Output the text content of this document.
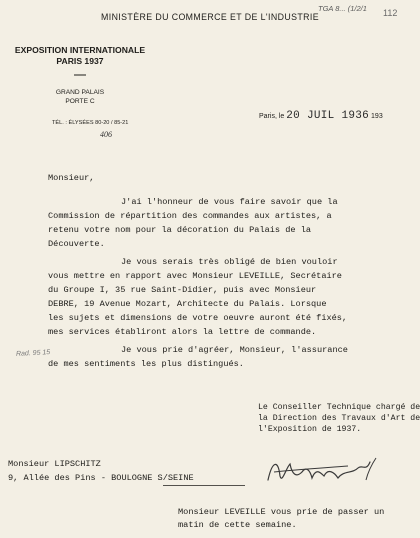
TGA 8... (1/2/1 112
MINISTÈRE DU COMMERCE ET DE L'INDUSTRIE
EXPOSITION INTERNATIONALE
PARIS 1937
GRAND PALAIS
PORTE C
TÉL. : ÉLYSÉES 80-20 / 85-21
406
Paris, le 20 JUIL 1936 193
Monsieur,
J'ai l'honneur de vous faire savoir que la
Commission de répartition des commandes aux artistes, a
retenu votre nom pour la décoration du Palais de la
Découverte.
Je vous serais très obligé de bien vouloir
vous mettre en rapport avec Monsieur LEVEILLE, Secrétaire
du Groupe I, 35 rue Saint-Didier, puis avec Monsieur
DEBRE, 19 Avenue Mozart, Architecte du Palais. Lorsque
les sujets et dimensions de votre oeuvre auront été fixés,
mes services établiront alors la lettre de commande.
Je vous prie d'agréer, Monsieur, l'assurance
de mes sentiments les plus distingués.
Rad. 95 15
Le Conseiller Technique chargé de
la Direction des Travaux d'Art de
l'Exposition de 1937.
Monsieur LIPSCHITZ
9, Allée des Pins - BOULOGNE S/SEINE
Monsieur LEVEILLE vous prie de passer un
matin de cette semaine.
